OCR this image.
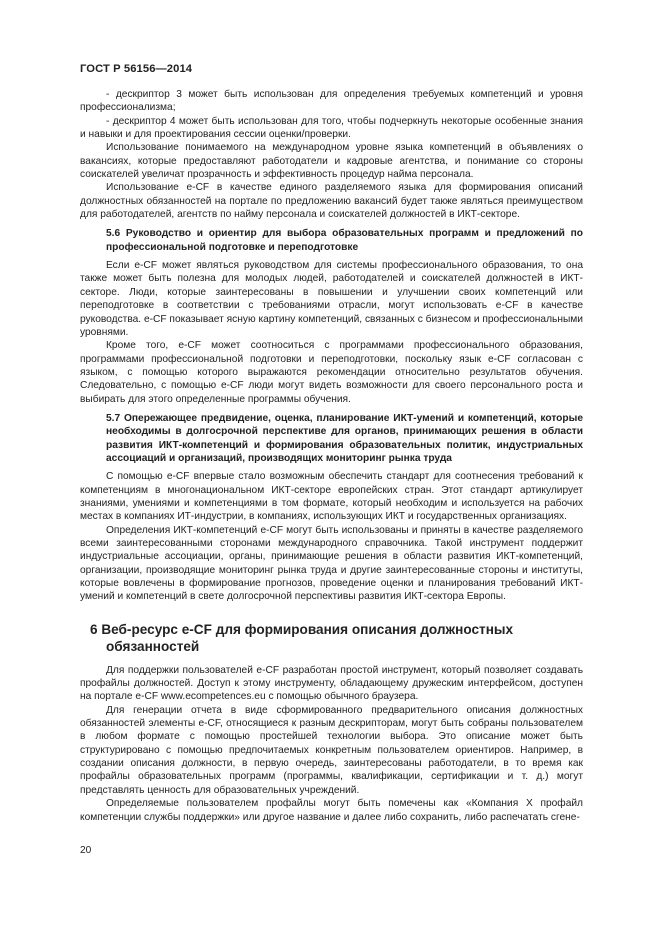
ГОСТ Р 56156—2014

- дескриптор 3 может быть использован для определения требуемых компетенций и уровня профессионализма;

- дескриптор 4 может быть использован для того, чтобы подчеркнуть некоторые особенные знания и навыки и для проектирования сессии оценки/проверки.

Использование понимаемого на международном уровне языка компетенций в объявлениях о вакансиях, которые предоставляют работодатели и кадровые агентства, и понимание со стороны соискателей увеличат прозрачность и эффективность процедур найма персонала.

Использование e-CF в качестве единого разделяемого языка для формирования описаний должностных обязанностей на портале по предложению вакансий будет также являться преимуществом для работодателей, агентств по найму персонала и соискателей должностей в ИКТ-секторе.

5.6 Руководство и ориентир для выбора образовательных программ и предложений по профессиональной подготовке и переподготовке

Если e-CF может являться руководством для системы профессионального образования, то она также может быть полезна для молодых людей, работодателей и соискателей должностей в ИКТ-секторе. Люди, которые заинтересованы в повышении и улучшении своих компетенций или переподготовке в соответствии с требованиями отрасли, могут использовать e-CF в качестве руководства. e-CF показывает ясную картину компетенций, связанных с бизнесом и профессиональными уровнями.

Кроме того, e-CF может соотноситься с программами профессионального образования, программами профессиональной подготовки и переподготовки, поскольку язык e-CF согласован с языком, с помощью которого выражаются рекомендации относительно результатов обучения. Следовательно, с помощью e-CF люди могут видеть возможности для своего персонального роста и выбирать для этого определенные программы обучения.

5.7 Опережающее предвидение, оценка, планирование ИКТ-умений и компетенций, которые необходимы в долгосрочной перспективе для органов, принимающих решения в области развития ИКТ-компетенций и формирования образовательных политик, индустриальных ассоциаций и организаций, производящих мониторинг рынка труда

С помощью e-CF впервые стало возможным обеспечить стандарт для соотнесения требований к компетенциям в многонациональном ИКТ-секторе европейских стран. Этот стандарт артикулирует знаниями, умениями и компетенциями в том формате, который необходим и используется на рабочих местах в компаниях ИТ-индустрии, в компаниях, использующих ИКТ и государственных организациях.

Определения ИКТ-компетенций e-CF могут быть использованы и приняты в качестве разделяемого всеми заинтересованными сторонами международного справочника. Такой инструмент поддержит индустриальные ассоциации, органы, принимающие решения в области развития ИКТ-компетенций, организации, производящие мониторинг рынка труда и другие заинтересованные стороны и институты, которые вовлечены в формирование прогнозов, проведение оценки и планирования требований ИКТ-умений и компетенций в свете долгосрочной перспективы развития ИКТ-сектора Европы.

6 Веб-ресурс e-CF для формирования описания должностных обязанностей

Для поддержки пользователей e-CF разработан простой инструмент, который позволяет создавать профайлы должностей. Доступ к этому инструменту, обладающему дружеским интерфейсом, доступен на портале e-CF www.ecompetences.eu с помощью обычного браузера.

Для генерации отчета в виде сформированного предварительного описания должностных обязанностей элементы e-CF, относящиеся к разным дескрипторам, могут быть собраны пользователем в любом формате с помощью простейшей технологии выбора. Это описание может быть структурировано с помощью предпочитаемых конкретным пользователем ориентиров. Например, в создании описания должности, в первую очередь, заинтересованы работодатели, в то время как профайлы образовательных программ (программы, квалификации, сертификации и т. д.) могут представлять ценность для образовательных учреждений.

Определяемые пользователем профайлы могут быть помечены как «Компания X профайл компетенции службы поддержки» или другое название и далее либо сохранить, либо распечатать сгене-

20
